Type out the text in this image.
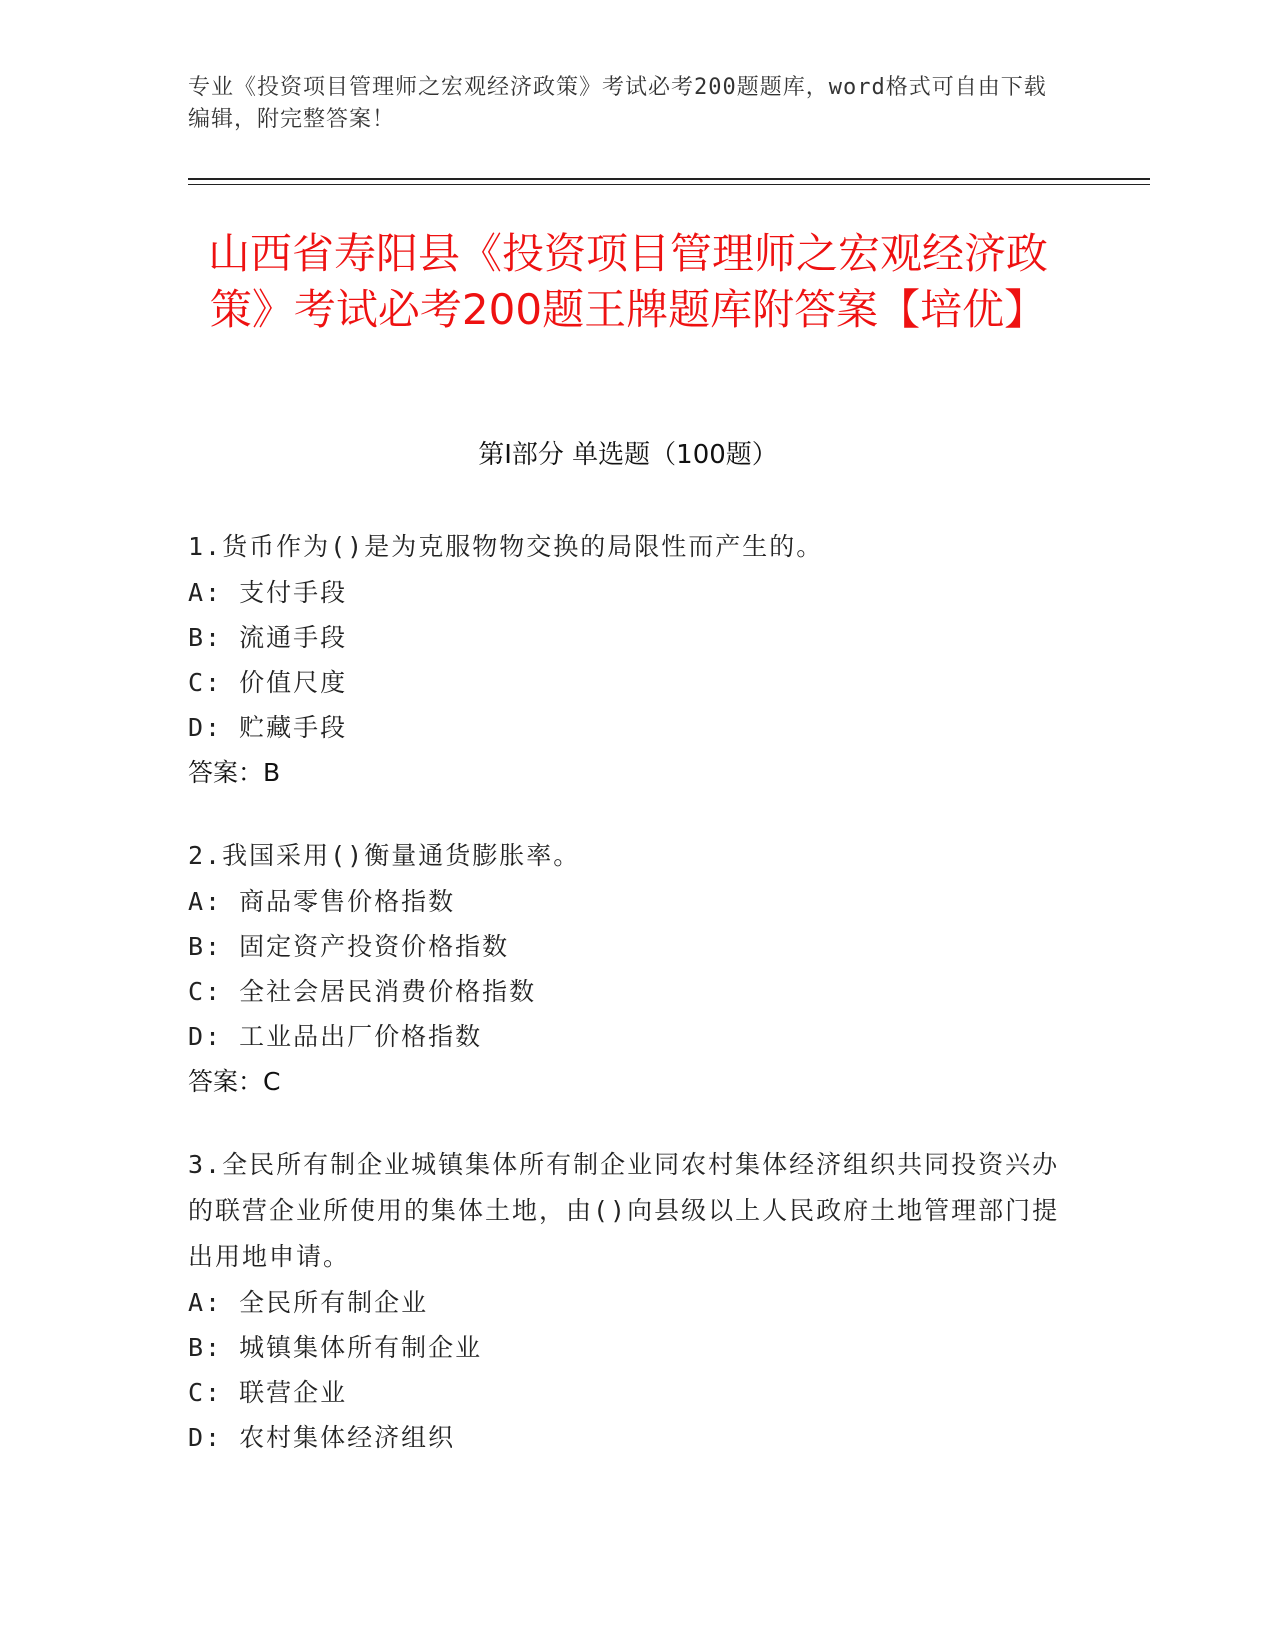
专业《投资项目管理师之宏观经济政策》考试必考200题题库，word格式可自由下载编辑，附完整答案！
山西省寿阳县《投资项目管理师之宏观经济政策》考试必考200题王牌题库附答案【培优】
第I部分 单选题（100题）
1.货币作为()是为克服物物交换的局限性而产生的。
A: 支付手段
B: 流通手段
C: 价值尺度
D: 贮藏手段
答案：B
2.我国采用()衡量通货膨胀率。
A: 商品零售价格指数
B: 固定资产投资价格指数
C: 全社会居民消费价格指数
D: 工业品出厂价格指数
答案：C
3.全民所有制企业城镇集体所有制企业同农村集体经济组织共同投资兴办的联营企业所使用的集体土地，由()向县级以上人民政府土地管理部门提出用地申请。
A: 全民所有制企业
B: 城镇集体所有制企业
C: 联营企业
D: 农村集体经济组织
